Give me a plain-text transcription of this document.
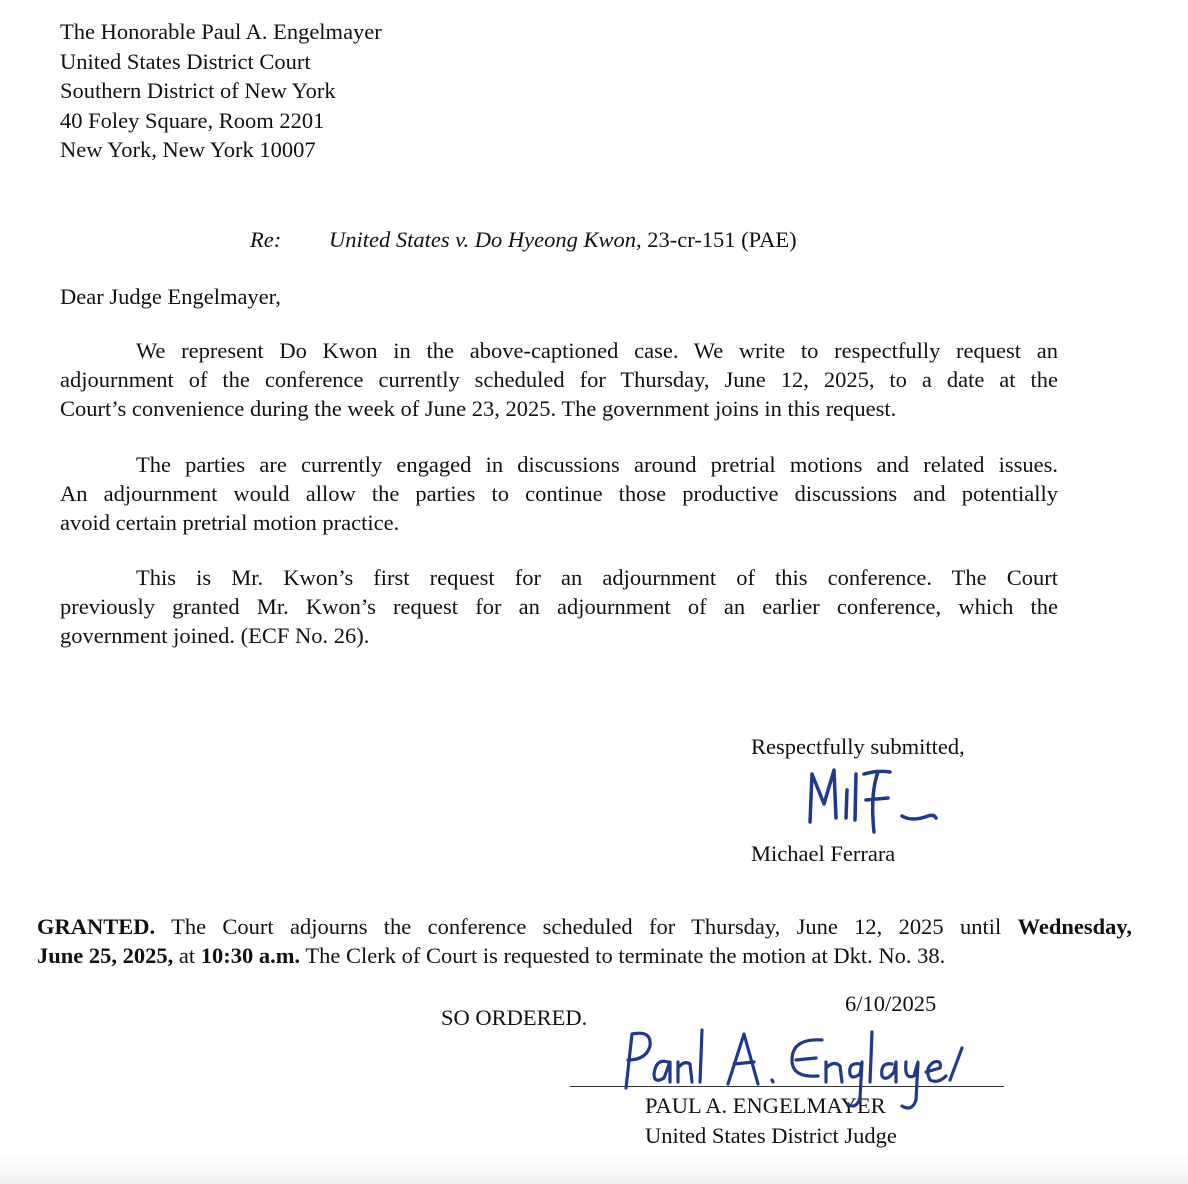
The Honorable Paul A. Engelmayer
United States District Court
Southern District of New York
40 Foley Square, Room 2201
New York, New York 10007
Re: United States v. Do Hyeong Kwon, 23-cr-151 (PAE)
Dear Judge Engelmayer,
We represent Do Kwon in the above-captioned case. We write to respectfully request an
adjournment of the conference currently scheduled for Thursday, June 12, 2025, to a date at the
Court’s convenience during the week of June 23, 2025. The government joins in this request.
The parties are currently engaged in discussions around pretrial motions and related issues.
An adjournment would allow the parties to continue those productive discussions and potentially
avoid certain pretrial motion practice.
This is Mr. Kwon’s first request for an adjournment of this conference. The Court
previously granted Mr. Kwon’s request for an adjournment of an earlier conference, which the
government joined. (ECF No. 26).
Respectfully submitted,
Michael Ferrara
GRANTED. The Court adjourns the conference scheduled for Thursday, June 12, 2025 until Wednesday,
June 25, 2025, at 10:30 a.m. The Clerk of Court is requested to terminate the motion at Dkt. No. 38.
6/10/2025
SO ORDERED.
PAUL A. ENGELMAYER
United States District Judge
